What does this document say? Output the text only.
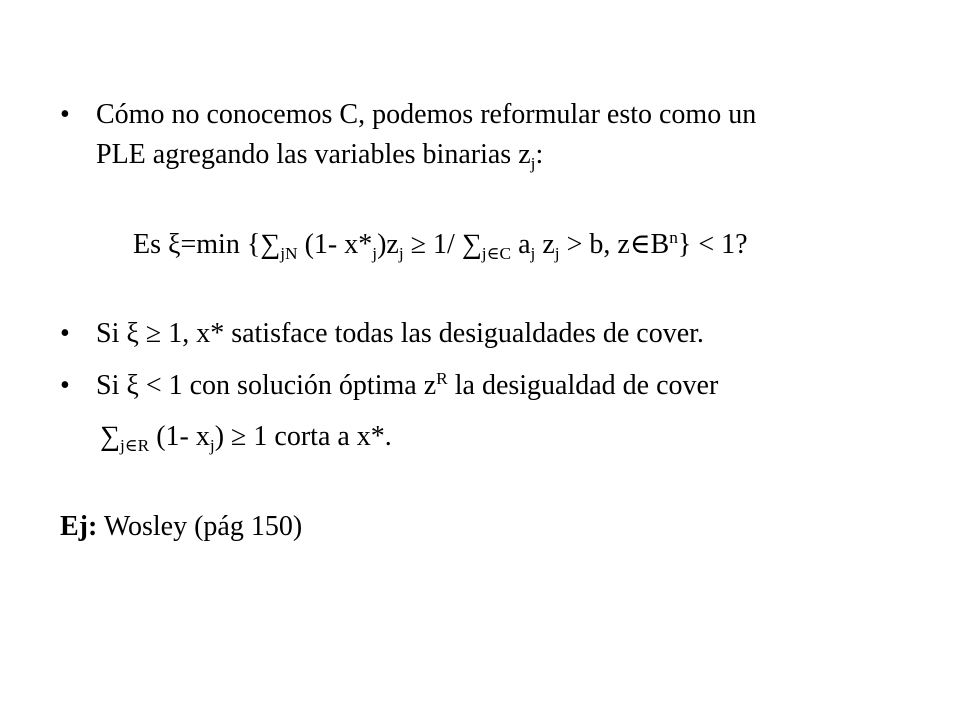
• Cómo no conocemos C, podemos reformular esto como un
PLE agregando las variables binarias $z_j$:
Es ξ=min {$\sum_{jN}$ (1- $x*_j)z_j \ge 1/$ $\sum_{j\in C}$ $a_j$ $z_j > b$, $z\in B^n\} < 1$?
• Si ξ ≥ 1, x* satisface todas las desigualdades de cover.
• Si ξ < 1 con solución óptima $z^R$ la desigualdad de cover
$\sum_{j\in R}$ (1- $x_j) \ge 1$ corta a x*.
Ej: Wosley (pág 150)
